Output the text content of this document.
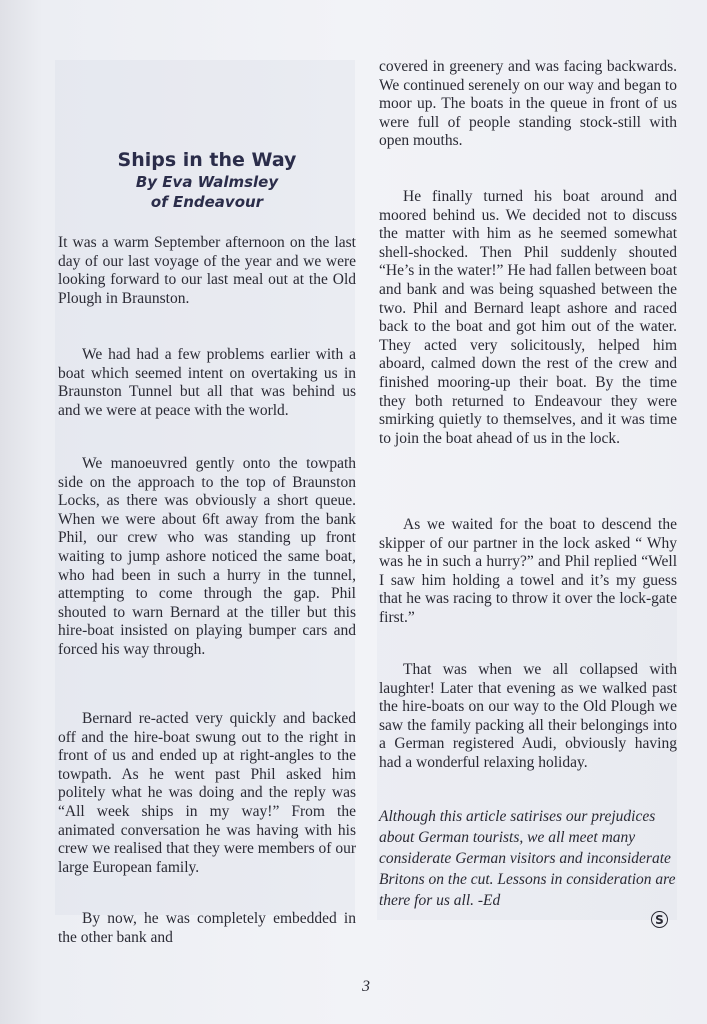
Ships in the Way

By Eva Walmsley

of Endeavour

It was a warm September afternoon on the last day of our last voyage of the year and we were looking forward to our last meal out at the Old Plough in Braunston.

We had had a few problems earlier with a boat which seemed intent on overtaking us in Braunston Tunnel but all that was behind us and we were at peace with the world.

We manoeuvred gently onto the towpath side on the approach to the top of Braunston Locks, as there was obviously a short queue. When we were about 6ft away from the bank Phil, our crew who was standing up front waiting to jump ashore noticed the same boat, who had been in such a hurry in the tunnel, attempting to come through the gap. Phil shouted to warn Bernard at the tiller but this hire-boat insisted on playing bumper cars and forced his way through.

Bernard re-acted very quickly and backed off and the hire-boat swung out to the right in front of us and ended up at right-angles to the towpath. As he went past Phil asked him politely what he was doing and the reply was “All week ships in my way!” From the animated conversation he was having with his crew we realised that they were members of our large European family.

By now, he was completely embedded in the other bank and

covered in greenery and was facing backwards. We continued serenely on our way and began to moor up. The boats in the queue in front of us were full of people standing stock-still with open mouths.

He finally turned his boat around and moored behind us. We decided not to discuss the matter with him as he seemed somewhat shell-shocked. Then Phil suddenly shouted “He’s in the water!” He had fallen between boat and bank and was being squashed between the two. Phil and Bernard leapt ashore and raced back to the boat and got him out of the water. They acted very solicitously, helped him aboard, calmed down the rest of the crew and finished mooring-up their boat. By the time they both returned to Endeavour they were smirking quietly to themselves, and it was time to join the boat ahead of us in the lock.

As we waited for the boat to descend the skipper of our partner in the lock asked “ Why was he in such a hurry?” and Phil replied “Well I saw him holding a towel and it’s my guess that he was racing to throw it over the lock-gate first.”

That was when we all collapsed with laughter! Later that evening as we walked past the hire-boats on our way to the Old Plough we saw the family packing all their belongings into a German registered Audi, obviously having had a wonderful relaxing holiday.

Although this article satirises our prejudices about German tourists, we all meet many considerate German visitors and inconsiderate Britons on the cut. Lessons in consideration are there for us all. -Ed

S
3
